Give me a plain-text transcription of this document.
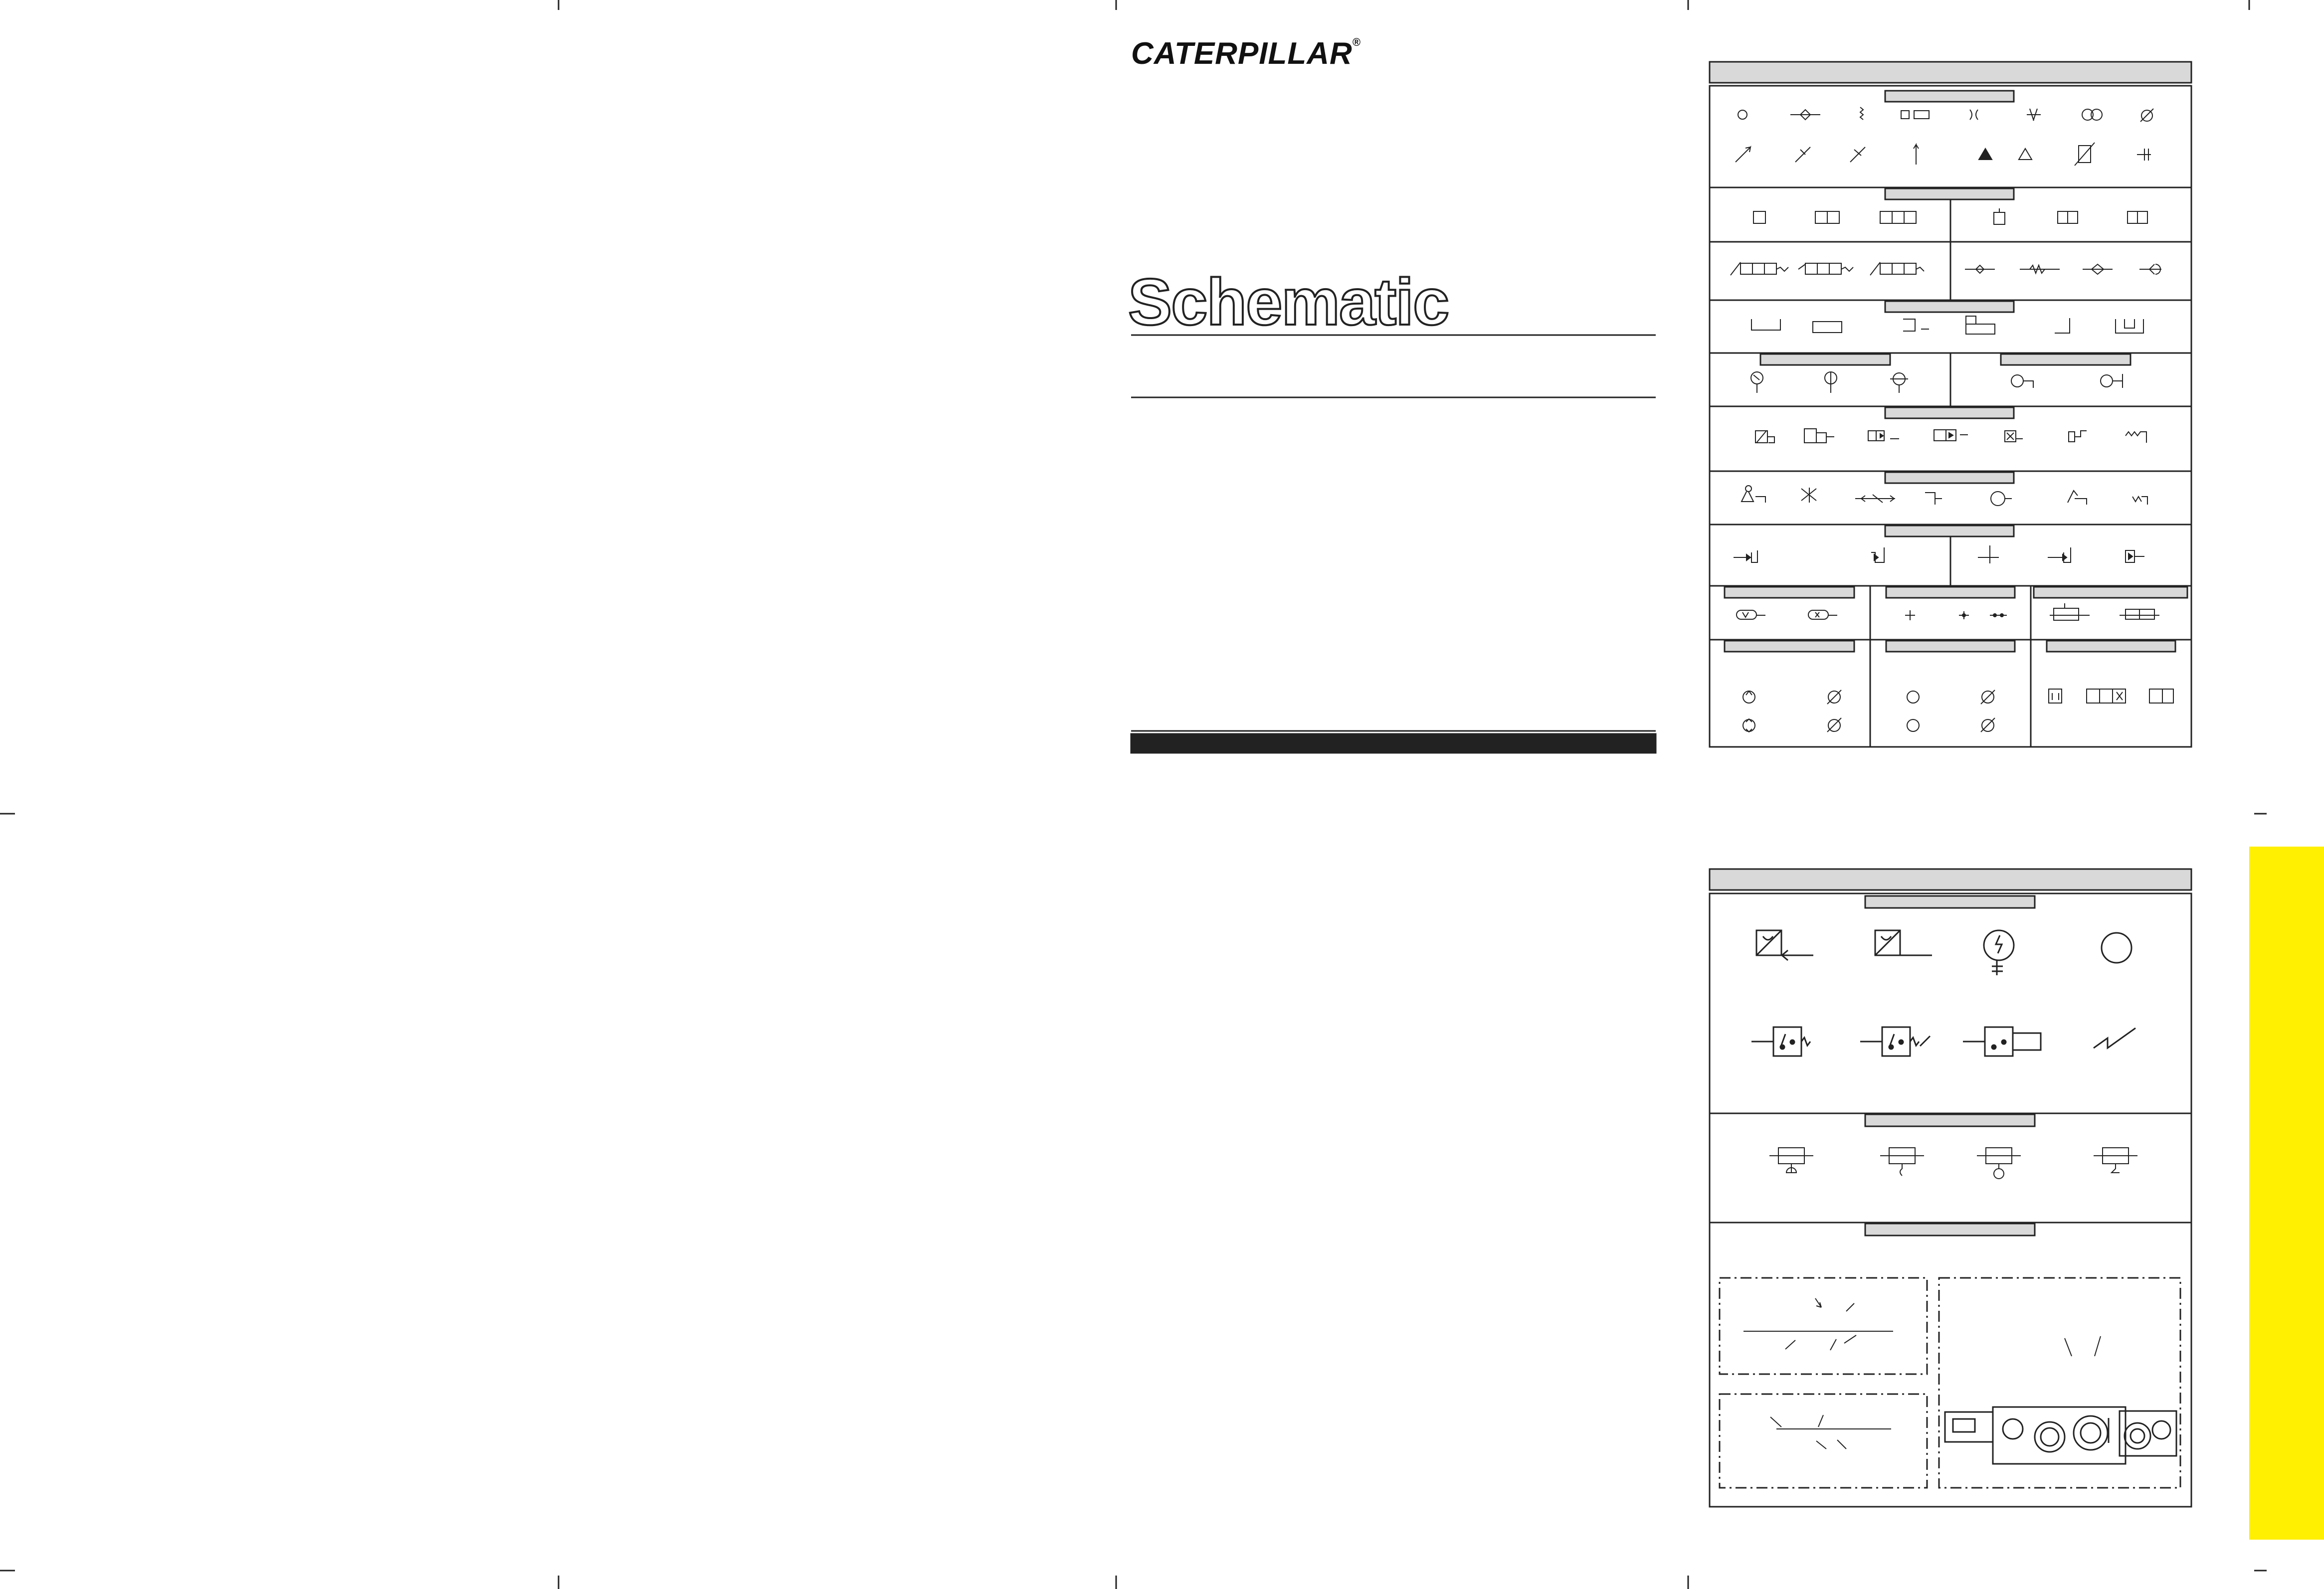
CATERPILLAR®
Schematic
